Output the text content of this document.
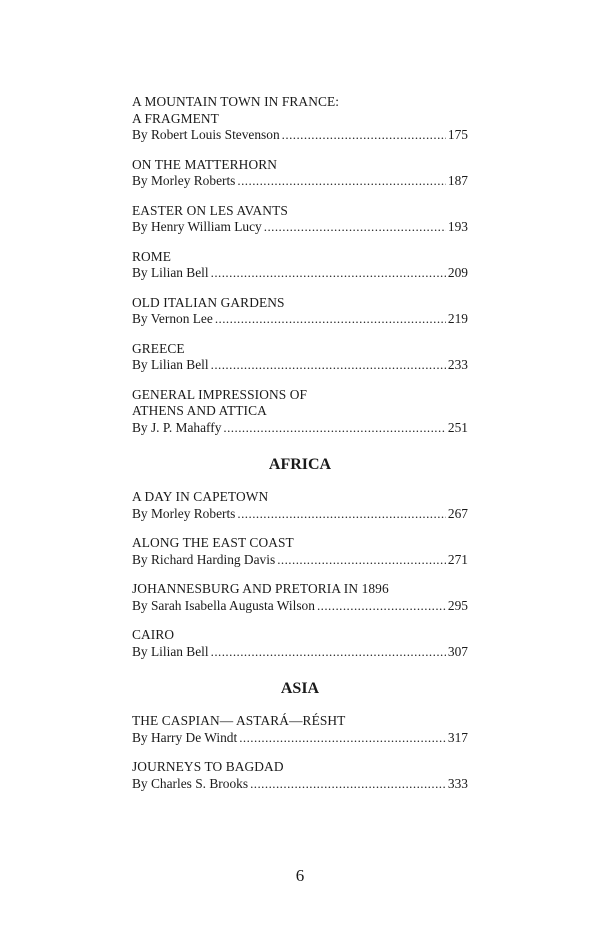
A MOUNTAIN TOWN IN FRANCE:
A FRAGMENT
By Robert Louis Stevenson . . .	175
ON THE MATTERHORN
By Morley Roberts . . .	187
EASTER ON LES AVANTS
By Henry William Lucy . . .	193
ROME
By Lilian Bell . . .	209
OLD ITALIAN GARDENS
By Vernon Lee . . .	219
GREECE
By Lilian Bell . . .	233
GENERAL IMPRESSIONS OF
ATHENS AND ATTICA
By J. P. Mahaffy . . .	251
AFRICA
A DAY IN CAPETOWN
By Morley Roberts . . .	267
ALONG THE EAST COAST
By Richard Harding Davis . . .	271
JOHANNESBURG AND PRETORIA IN 1896
By Sarah Isabella Augusta Wilson . . .	295
CAIRO
By Lilian Bell . . .	307
ASIA
THE CASPIAN— ASTARÁ—RÉSHT
By Harry De Windt . . .	317
JOURNEYS TO BAGDAD
By Charles S. Brooks . . .	333
6
